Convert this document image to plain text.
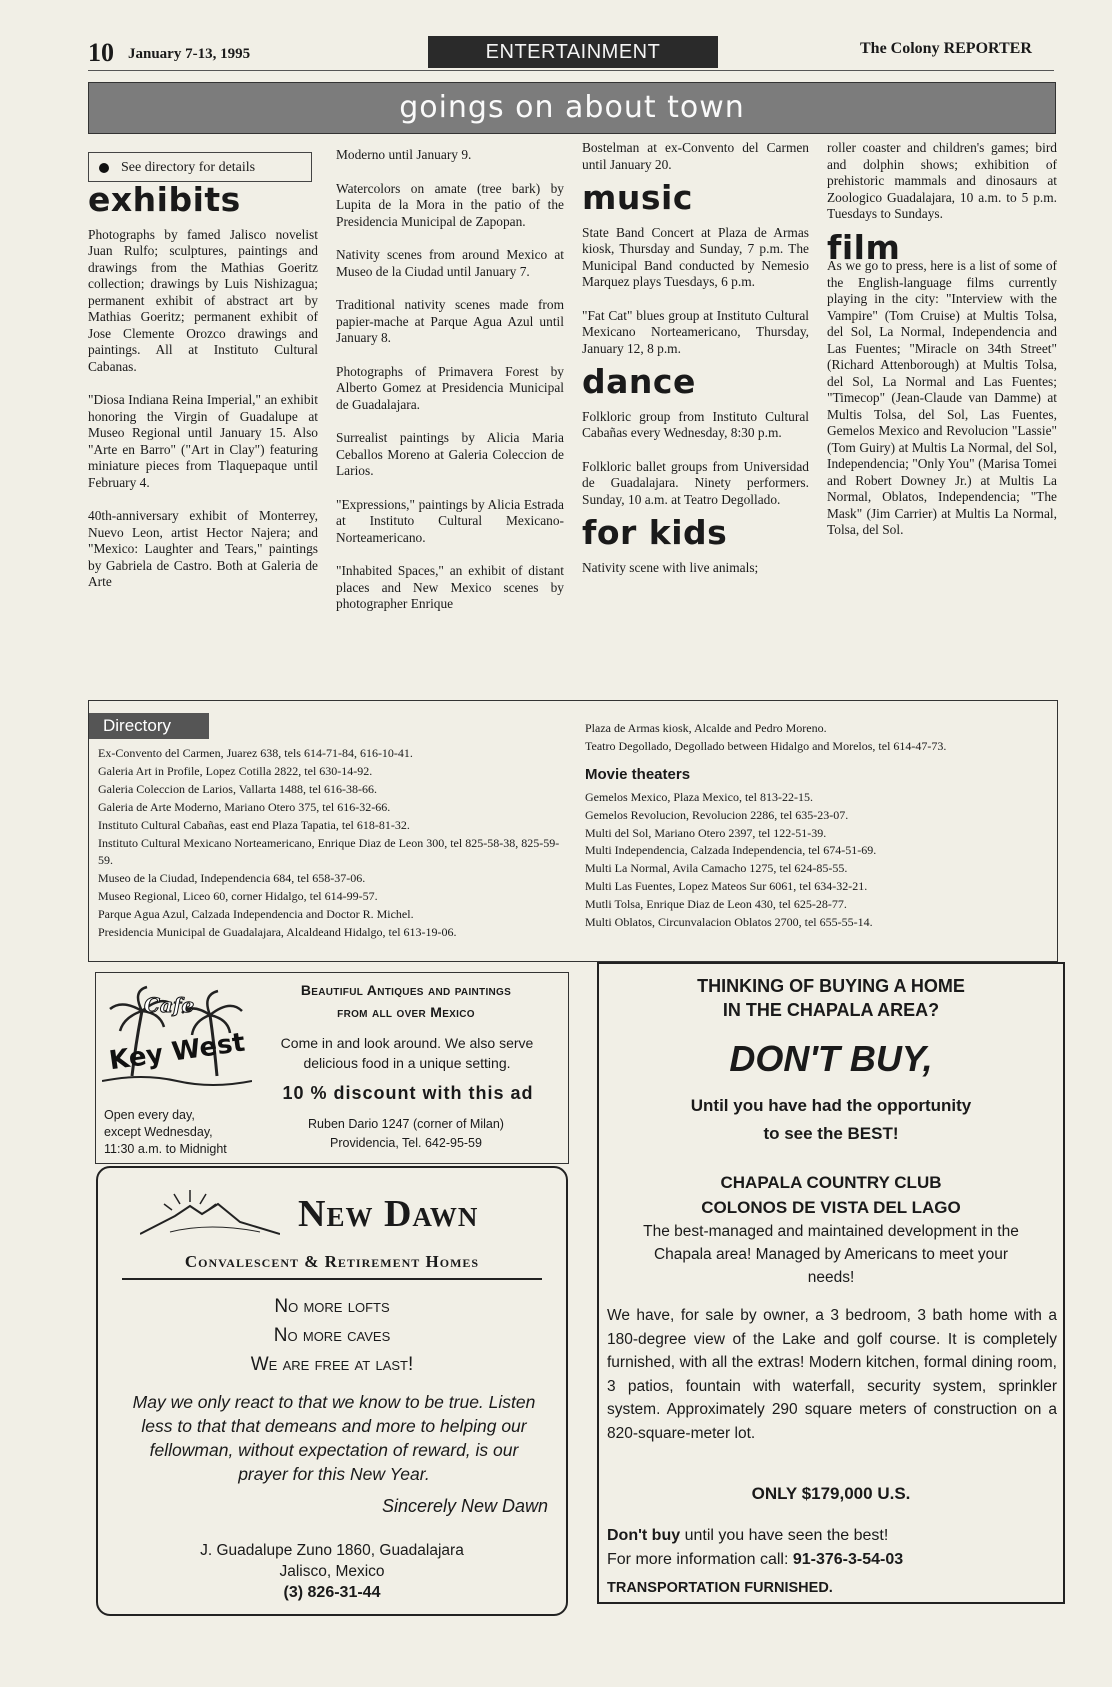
10 January 7-13, 1995	ENTERTAINMENT	The Colony REPORTER
goings on about town
See directory for details
exhibits

Photographs by famed Jalisco novelist Juan Rulfo; sculptures, paintings and drawings from the Mathias Goeritz collection; drawings by Luis Nishizagua; permanent exhibit of abstract art by Mathias Goeritz; permanent exhibit of Jose Clemente Orozco drawings and paintings. All at Instituto Cultural Cabanas.

"Diosa Indiana Reina Imperial," an exhibit honoring the Virgin of Guadalupe at Museo Regional until January 15. Also "Arte en Barro" ("Art in Clay") featuring miniature pieces from Tlaquepaque until February 4.

40th-anniversary exhibit of Monterrey, Nuevo Leon, artist Hector Najera; and "Mexico: Laughter and Tears," paintings by Gabriela de Castro. Both at Galeria de Arte

Moderno until January 9.

Watercolors on amate (tree bark) by Lupita de la Mora in the patio of the Presidencia Municipal de Zapopan.

Nativity scenes from around Mexico at Museo de la Ciudad until January 7.

Traditional nativity scenes made from papier-mache at Parque Agua Azul until January 8.

Photographs of Primavera Forest by Alberto Gomez at Presidencia Municipal de Guadalajara.

Surrealist paintings by Alicia Maria Ceballos Moreno at Galeria Coleccion de Larios.

"Expressions," paintings by Alicia Estrada at Instituto Cultural Mexicano-Norteamericano.

"Inhabited Spaces," an exhibit of distant places and New Mexico scenes by photographer Enrique

Bostelman at ex-Convento del Carmen until January 20.

music

State Band Concert at Plaza de Armas kiosk, Thursday and Sunday, 7 p.m. The Municipal Band conducted by Nemesio Marquez plays Tuesdays, 6 p.m.

"Fat Cat" blues group at Instituto Cultural Mexicano Norteamericano, Thursday, January 12, 8 p.m.

dance

Folkloric group from Instituto Cultural Cabañas every Wednesday, 8:30 p.m.

Folkloric ballet groups from Universidad de Guadalajara. Ninety performers. Sunday, 10 a.m. at Teatro Degollado.

for kids

Nativity scene with live animals;

roller coaster and children's games; bird and dolphin shows; exhibition of prehistoric mammals and dinosaurs at Zoologico Guadalajara, 10 a.m. to 5 p.m. Tuesdays to Sundays.

film

As we go to press, here is a list of some of the English-language films currently playing in the city: "Interview with the Vampire" (Tom Cruise) at Multis Tolsa, del Sol, La Normal, Independencia and Las Fuentes; "Miracle on 34th Street" (Richard Attenborough) at Multis Tolsa, del Sol, La Normal and Las Fuentes; "Timecop" (Jean-Claude van Damme) at Multis Tolsa, del Sol, Las Fuentes, Gemelos Mexico and Revolucion "Lassie" (Tom Guiry) at Multis La Normal, del Sol, Independencia; "Only You" (Marisa Tomei and Robert Downey Jr.) at Multis La Normal, Oblatos, Independencia; "The Mask" (Jim Carrier) at Multis La Normal, Tolsa, del Sol.

Directory
Ex-Convento del Carmen, Juarez 638, tels 614-71-84, 616-10-41.
Galeria Art in Profile, Lopez Cotilla 2822, tel 630-14-92.
Galeria Coleccion de Larios, Vallarta 1488, tel 616-38-66.
Galeria de Arte Moderno, Mariano Otero 375, tel 616-32-66.
Instituto Cultural Cabañas, east end Plaza Tapatia, tel 618-81-32.
Instituto Cultural Mexicano Norteamericano, Enrique Diaz de Leon 300, tel 825-58-38, 825-59-59.
Museo de la Ciudad, Independencia 684, tel 658-37-06.
Museo Regional, Liceo 60, corner Hidalgo, tel 614-99-57.
Parque Agua Azul, Calzada Independencia and Doctor R. Michel.
Presidencia Municipal de Guadalajara, Alcaldeand Hidalgo, tel 613-19-06.
Plaza de Armas kiosk, Alcalde and Pedro Moreno.
Teatro Degollado, Degollado between Hidalgo and Morelos, tel 614-47-73.
Movie theaters
Gemelos Mexico, Plaza Mexico, tel 813-22-15.
Gemelos Revolucion, Revolucion 2286, tel 635-23-07.
Multi del Sol, Mariano Otero 2397, tel 122-51-39.
Multi Independencia, Calzada Independencia, tel 674-51-69.
Multi La Normal, Avila Camacho 1275, tel 624-85-55.
Multi Las Fuentes, Lopez Mateos Sur 6061, tel 634-32-21.
Mutli Tolsa, Enrique Diaz de Leon 430, tel 625-28-77.
Multi Oblatos, Circunvalacion Oblatos 2700, tel 655-55-14.
Cafe
Key West
Beautiful Antiques and paintings
from all over Mexico
Come in and look around. We also serve delicious food in a unique setting.
10 % discount with this ad
Open every day,
except Wednesday,
11:30 a.m. to Midnight
Ruben Dario 1247 (corner of Milan)
Providencia, Tel. 642-95-59
New Dawn
Convalescent & Retirement Homes
No more lofts
No more caves
We are free at last!
May we only react to that we know to be true. Listen less to that that demeans and more to helping our fellowman, without expectation of reward, is our prayer for this New Year.
Sincerely New Dawn
J. Guadalupe Zuno 1860, Guadalajara
Jalisco, Mexico
(3) 826-31-44
THINKING OF BUYING A HOME
IN THE CHAPALA AREA?
DON'T BUY,
Until you have had the opportunity
to see the BEST!
CHAPALA COUNTRY CLUB
COLONOS DE VISTA DEL LAGO
The best-managed and maintained development in the Chapala area! Managed by Americans to meet your needs!
We have, for sale by owner, a 3 bedroom, 3 bath home with a 180-degree view of the Lake and golf course. It is completely furnished, with all the extras! Modern kitchen, formal dining room, 3 patios, fountain with waterfall, security system, sprinkler system. Approximately 290 square meters of construction on a 820-square-meter lot.
ONLY $179,000 U.S.
Don't buy until you have seen the best!
For more information call: 91-376-3-54-03
TRANSPORTATION FURNISHED.
